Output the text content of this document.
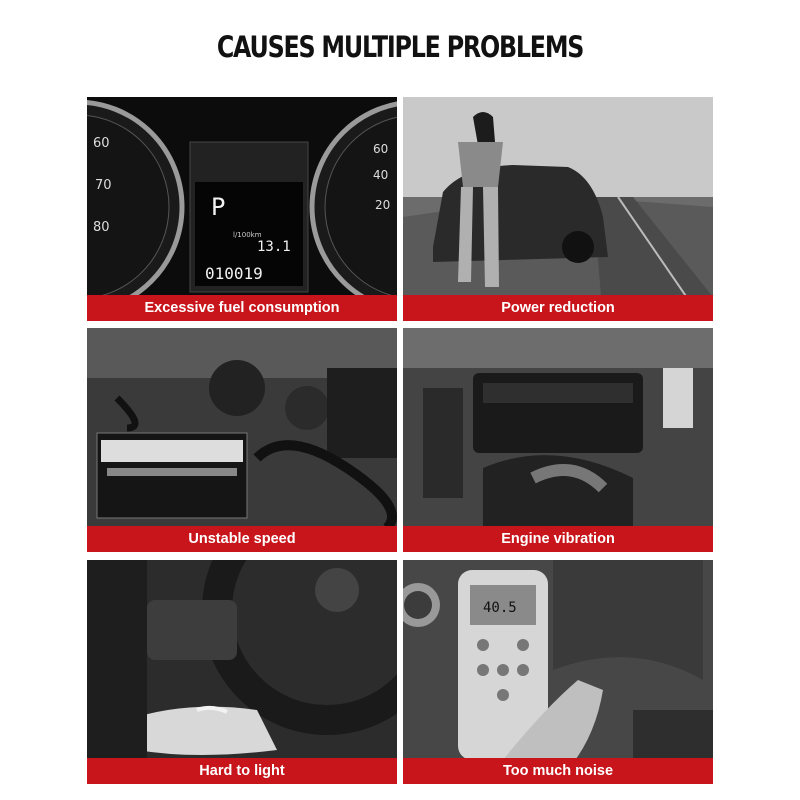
CAUSES MULTIPLE PROBLEMS
60
70
80
60
40
20
P
l/100km
13.1
010019
Excessive fuel consumption	Power reduction
Unstable speed	Engine vibration
Hard to light
40.5
Too much noise
